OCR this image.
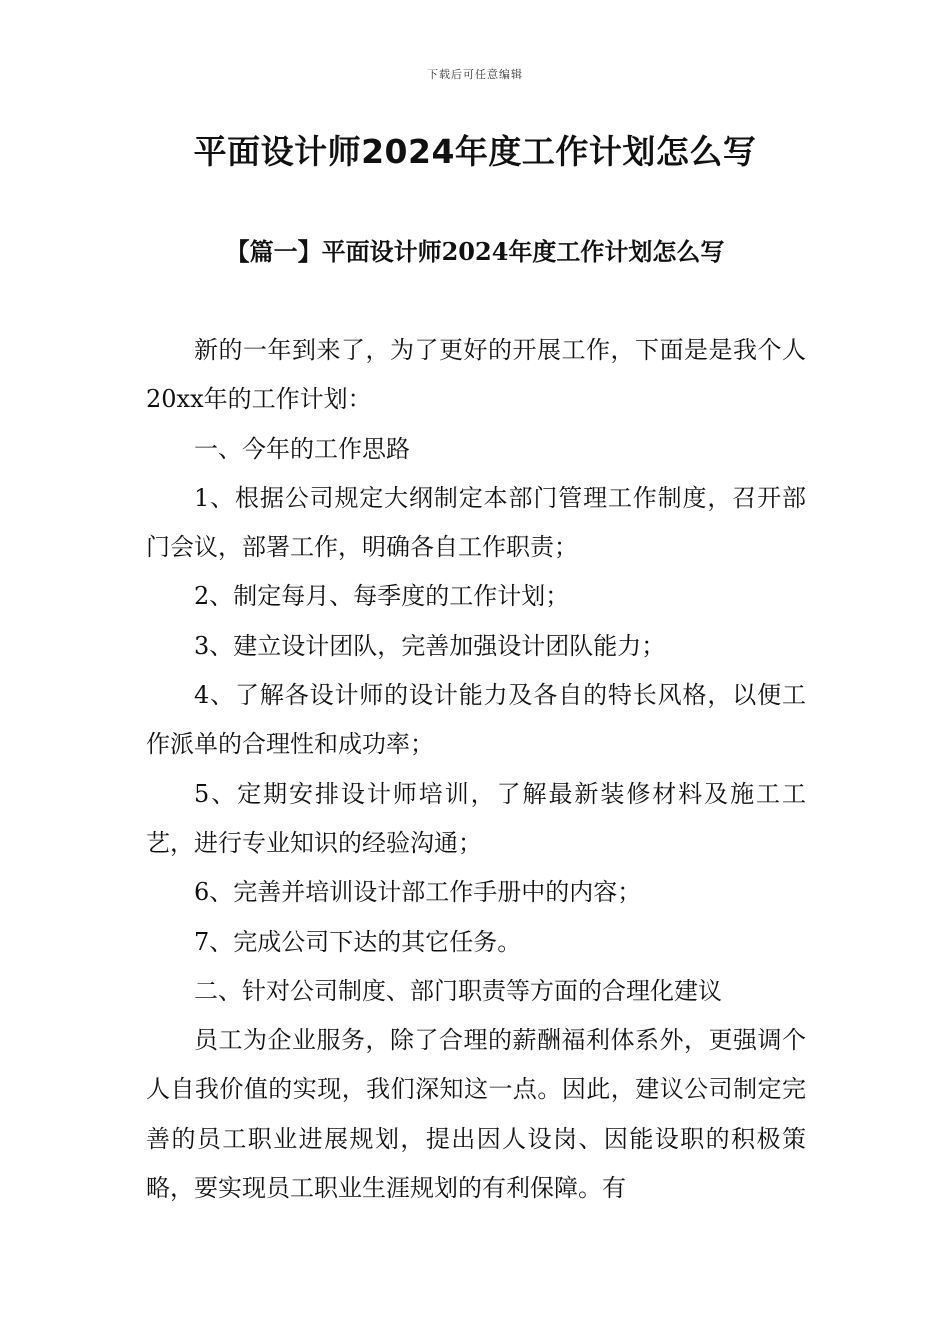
下载后可任意编辑
平面设计师2024年度工作计划怎么写
【篇一】平面设计师2024年度工作计划怎么写

新的一年到来了，为了更好的开展工作，下面是是我个人20xx年的工作计划：

一、今年的工作思路

1、根据公司规定大纲制定本部门管理工作制度，召开部门会议，部署工作，明确各自工作职责；

2、制定每月、每季度的工作计划；

3、建立设计团队，完善加强设计团队能力；

4、了解各设计师的设计能力及各自的特长风格，以便工作派单的合理性和成功率；

5、定期安排设计师培训，了解最新装修材料及施工工艺，进行专业知识的经验沟通；

6、完善并培训设计部工作手册中的内容；

7、完成公司下达的其它任务。

二、针对公司制度、部门职责等方面的合理化建议

员工为企业服务，除了合理的薪酬福利体系外，更强调个人自我价值的实现，我们深知这一点。因此，建议公司制定完善的员工职业进展规划，提出因人设岗、因能设职的积极策略，要实现员工职业生涯规划的有利保障。有
